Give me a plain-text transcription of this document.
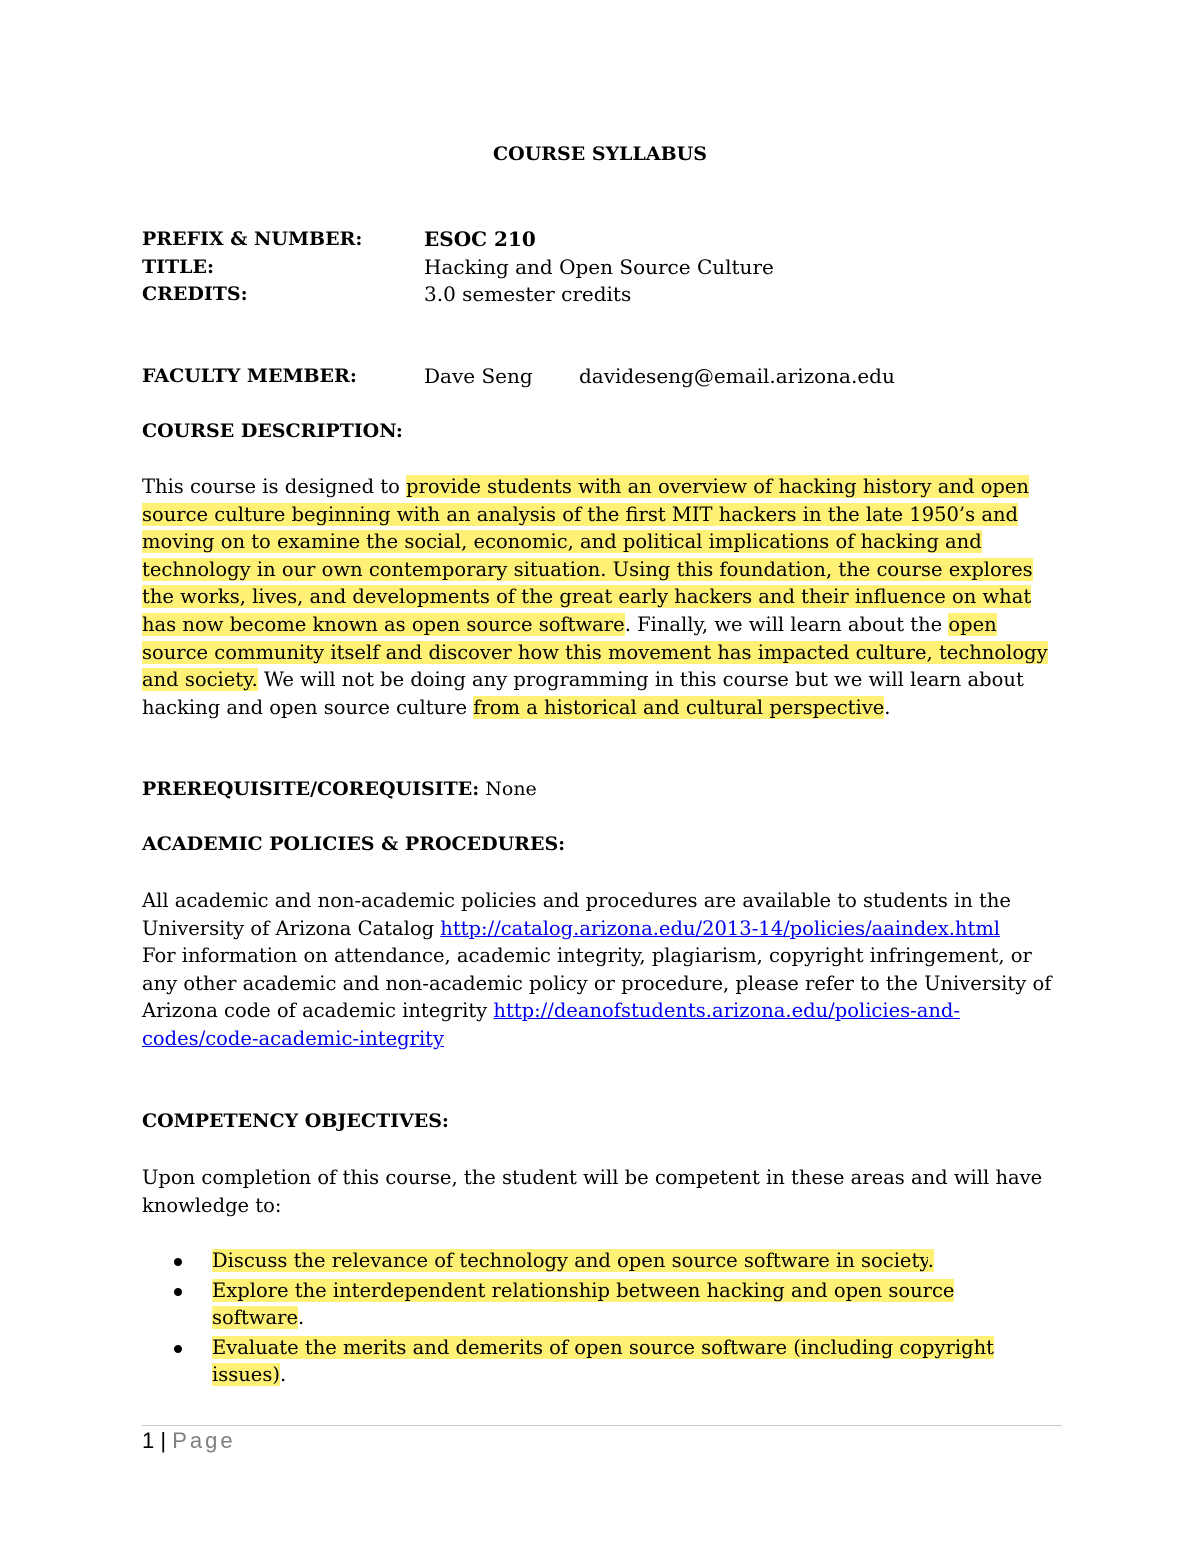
COURSE SYLLABUS
PREFIX & NUMBER:	ESOC 210
TITLE:	Hacking and Open Source Culture
CREDITS:	3.0 semester credits
FACULTY MEMBER:	Dave Seng davideseng@email.arizona.edu
COURSE DESCRIPTION:
This course is designed to provide students with an overview of hacking history and open source culture beginning with an analysis of the first MIT hackers in the late 1950’s and moving on to examine the social, economic, and political implications of hacking and technology in our own contemporary situation. Using this foundation, the course explores the works, lives, and developments of the great early hackers and their influence on what has now become known as open source software. Finally, we will learn about the open source community itself and discover how this movement has impacted culture, technology and society. We will not be doing any programming in this course but we will learn about hacking and open source culture from a historical and cultural perspective.
PREREQUISITE/COREQUISITE: None
ACADEMIC POLICIES & PROCEDURES:
All academic and non-academic policies and procedures are available to students in the University of Arizona Catalog http://catalog.arizona.edu/2013-14/policies/aaindex.html
For information on attendance, academic integrity, plagiarism, copyright infringement, or any other academic and non-academic policy or procedure, please refer to the University of Arizona code of academic integrity http://deanofstudents.arizona.edu/policies-and-
codes/code-academic-integrity
COMPETENCY OBJECTIVES:
Upon completion of this course, the student will be competent in these areas and will have knowledge to:
Discuss the relevance of technology and open source software in society.
Explore the interdependent relationship between hacking and open source software.
Evaluate the merits and demerits of open source software (including copyright issues).
1 | Page
